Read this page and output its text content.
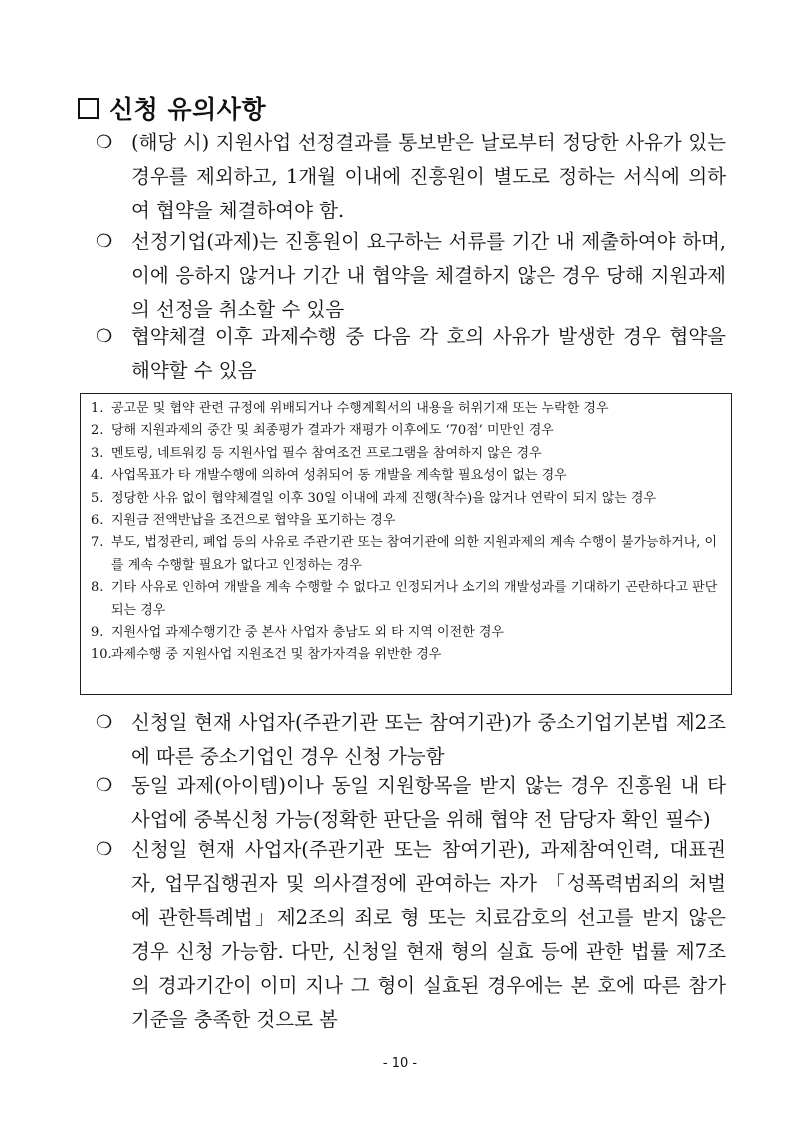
신청 유의사항
❍ (해당 시) 지원사업 선정결과를 통보받은 날로부터 정당한 사유가 있는 경우를 제외하고, 1개월 이내에 진흥원이 별도로 정하는 서식에 의하여 협약을 체결하여야 함.
❍ 선정기업(과제)는 진흥원이 요구하는 서류를 기간 내 제출하여야 하며, 이에 응하지 않거나 기간 내 협약을 체결하지 않은 경우 당해 지원과제의 선정을 취소할 수 있음
❍ 협약체결 이후 과제수행 중 다음 각 호의 사유가 발생한 경우 협약을 해약할 수 있음
1. 공고문 및 협약 관련 규정에 위배되거나 수행계획서의 내용을 허위기재 또는 누락한 경우
2. 당해 지원과제의 중간 및 최종평가 결과가 재평가 이후에도 ‘70점’ 미만인 경우
3. 멘토링, 네트워킹 등 지원사업 필수 참여조건 프로그램을 참여하지 않은 경우
4. 사업목표가 타 개발수행에 의하여 성취되어 동 개발을 계속할 필요성이 없는 경우
5. 정당한 사유 없이 협약체결일 이후 30일 이내에 과제 진행(착수)을 않거나 연락이 되지 않는 경우
6. 지원금 전액반납을 조건으로 협약을 포기하는 경우
7. 부도, 법정관리, 폐업 등의 사유로 주관기관 또는 참여기관에 의한 지원과제의 계속 수행이 불가능하거나, 이를 계속 수행할 필요가 없다고 인정하는 경우
8. 기타 사유로 인하여 개발을 계속 수행할 수 없다고 인정되거나 소기의 개발성과를 기대하기 곤란하다고 판단되는 경우
9. 지원사업 과제수행기간 중 본사 사업자 충남도 외 타 지역 이전한 경우
10. 과제수행 중 지원사업 지원조건 및 참가자격을 위반한 경우
❍ 신청일 현재 사업자(주관기관 또는 참여기관)가 중소기업기본법 제2조에 따른 중소기업인 경우 신청 가능함
❍ 동일 과제(아이템)이나 동일 지원항목을 받지 않는 경우 진흥원 내 타 사업에 중복신청 가능(정확한 판단을 위해 협약 전 담당자 확인 필수)
❍ 신청일 현재 사업자(주관기관 또는 참여기관), 과제참여인력, 대표권자, 업무집행권자 및 의사결정에 관여하는 자가 「성폭력범죄의 처벌에 관한특례법」제2조의 죄로 형 또는 치료감호의 선고를 받지 않은 경우 신청 가능함. 다만, 신청일 현재 형의 실효 등에 관한 법률 제7조의 경과기간이 이미 지나 그 형이 실효된 경우에는 본 호에 따른 참가기준을 충족한 것으로 봄
- 10 -
